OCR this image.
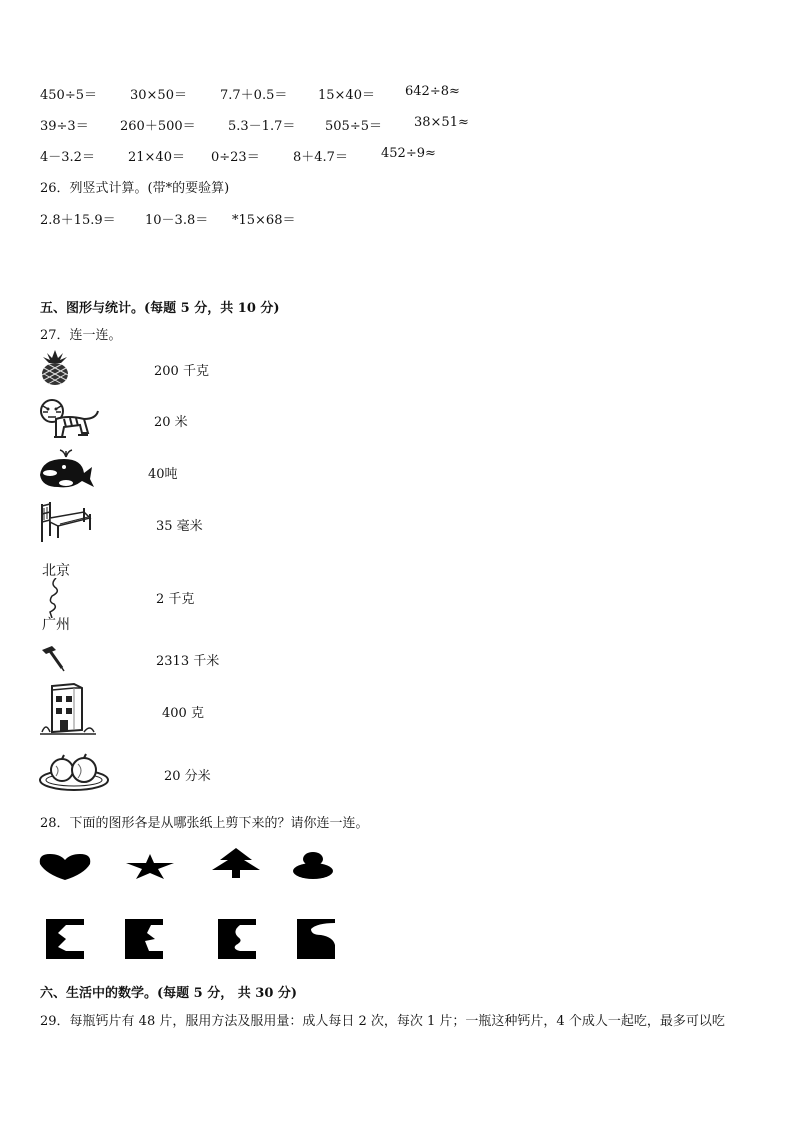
450÷5＝	30×50＝	7.7＋0.5＝ 15×40＝ 642÷8≈
39÷3＝ 260＋500＝ 5.3－1.7＝ 505÷5＝ 38×51≈
4－3.2＝	21×40＝ 0÷23＝	8＋4.7＝	452÷9≈
26．列竖式计算。(带*的要验算)
2.8＋15.9＝ 10－3.8＝ *15×68＝
五、图形与统计。(每题 5 分，共 10 分)
27．连一连。
200 千克
20 米
40吨
35 毫米
北京
广州
2 千克
2313 千米
400 克
20 分米
28．下面的图形各是从哪张纸上剪下来的？请你连一连。
六、生活中的数学。(每题 5 分， 共 30 分)
29．每瓶钙片有 48 片，服用方法及服用量：成人每日 2 次，每次 1 片；一瓶这种钙片，4 个成人一起吃，最多可以吃
